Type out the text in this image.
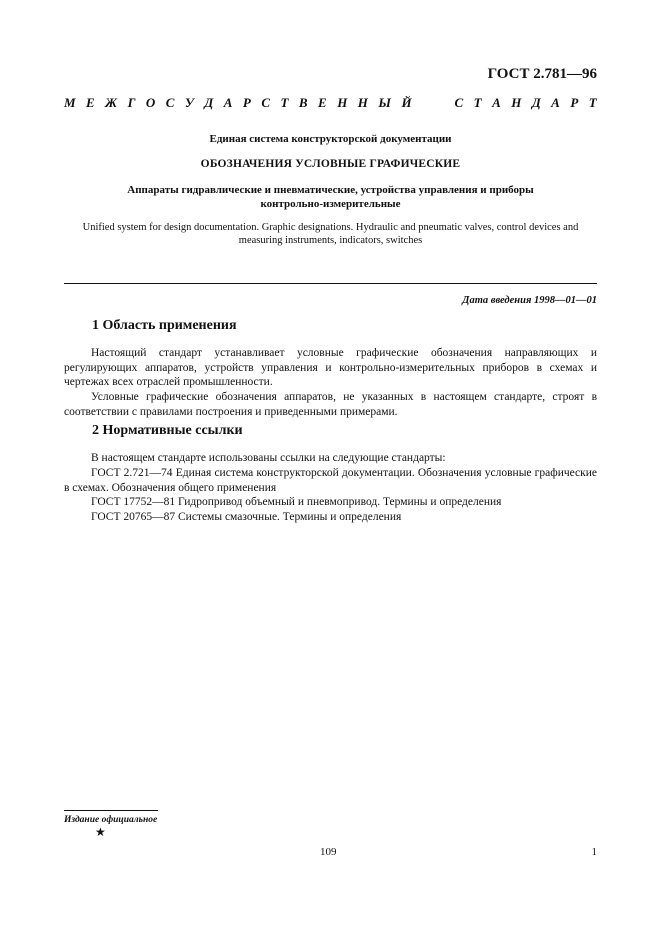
ГОСТ 2.781—96
М Е Ж Г О С У Д А Р С Т В Е Н Н Ы Й	С Т А Н Д А Р Т
Единая система конструкторской документации
ОБОЗНАЧЕНИЯ УСЛОВНЫЕ ГРАФИЧЕСКИЕ
Аппараты гидравлические и пневматические, устройства управления и приборы контрольно-измерительные
Unified system for design documentation. Graphic designations. Hydraulic and pneumatic valves, control devices and measuring instruments, indicators, switches
Дата введения 1998—01—01
1 Область применения
Настоящий стандарт устанавливает условные графические обозначения направляющих и регулирующих аппаратов, устройств управления и контрольно-измерительных приборов в схемах и чертежах всех отраслей промышленности.
Условные графические обозначения аппаратов, не указанных в настоящем стандарте, строят в соответствии с правилами построения и приведенными примерами.
2 Нормативные ссылки
В настоящем стандарте использованы ссылки на следующие стандарты:
ГОСТ 2.721—74 Единая система конструкторской документации. Обозначения условные графические в схемах. Обозначения общего применения
ГОСТ 17752—81 Гидропривод объемный и пневмопривод. Термины и определения
ГОСТ 20765—87 Системы смазочные. Термины и определения
Издание официальное
★
109	1
